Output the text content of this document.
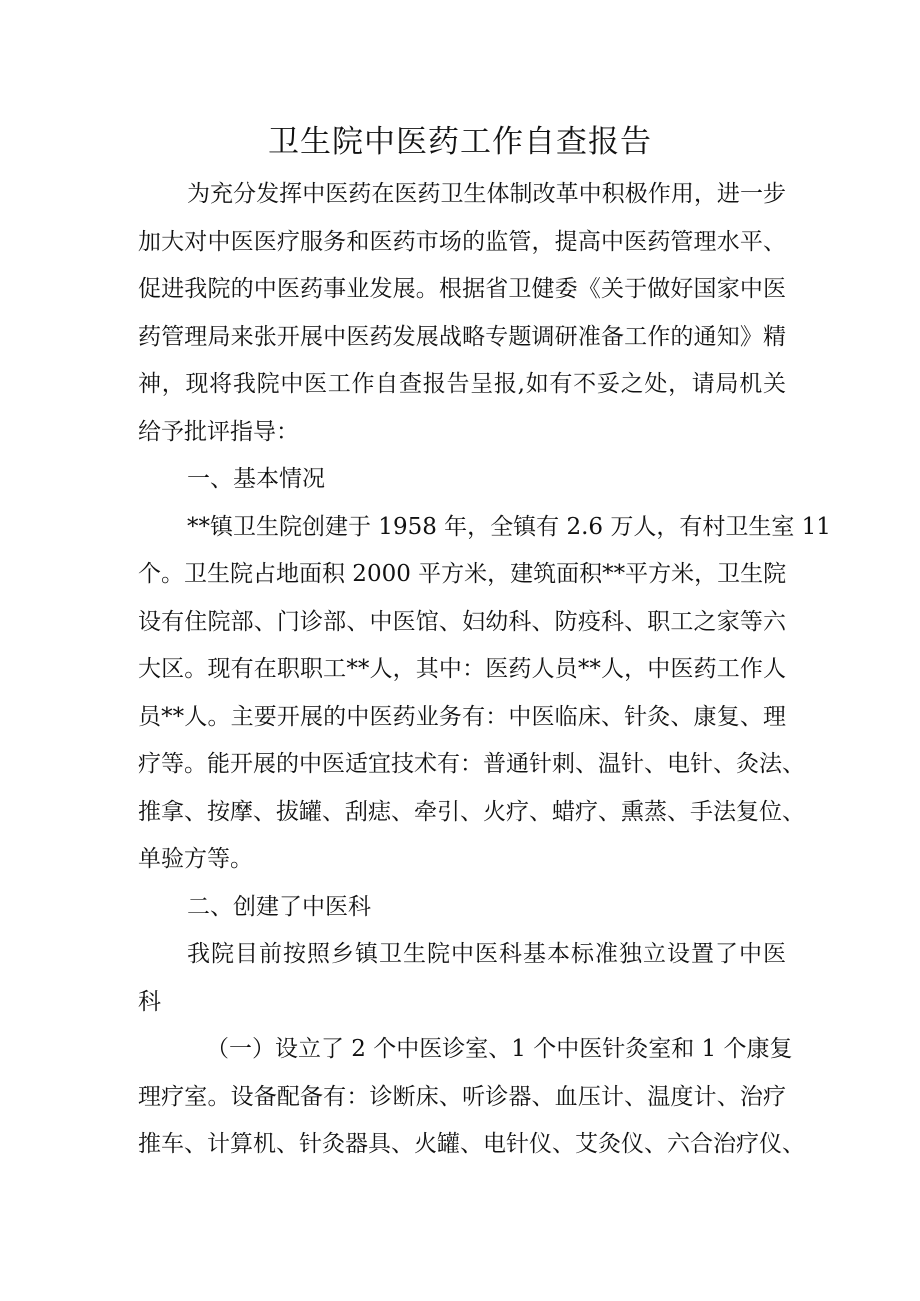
卫生院中医药工作自查报告
为充分发挥中医药在医药卫生体制改革中积极作用，进一步
加大对中医医疗服务和医药市场的监管，提高中医药管理水平、
促进我院的中医药事业发展。根据省卫健委《关于做好国家中医
药管理局来张开展中医药发展战略专题调研准备工作的通知》精
神，现将我院中医工作自查报告呈报,如有不妥之处，请局机关
给予批评指导：
一、基本情况
**镇卫生院创建于 1958 年，全镇有 2.6 万人，有村卫生室 11
个。卫生院占地面积 2000 平方米，建筑面积**平方米，卫生院
设有住院部、门诊部、中医馆、妇幼科、防疫科、职工之家等六
大区。现有在职职工**人，其中：医药人员**人，中医药工作人
员**人。主要开展的中医药业务有：中医临床、针灸、康复、理
疗等。能开展的中医适宜技术有：普通针刺、温针、电针、灸法、
推拿、按摩、拔罐、刮痣、牵引、火疗、蜡疗、熏蒸、手法复位、
单验方等。
二、创建了中医科
我院目前按照乡镇卫生院中医科基本标准独立设置了中医
科
（一）设立了 2 个中医诊室、1 个中医针灸室和 1 个康复
理疗室。设备配备有：诊断床、听诊器、血压计、温度计、治疗
推车、计算机、针灸器具、火罐、电针仪、艾灸仪、六合治疗仪、
